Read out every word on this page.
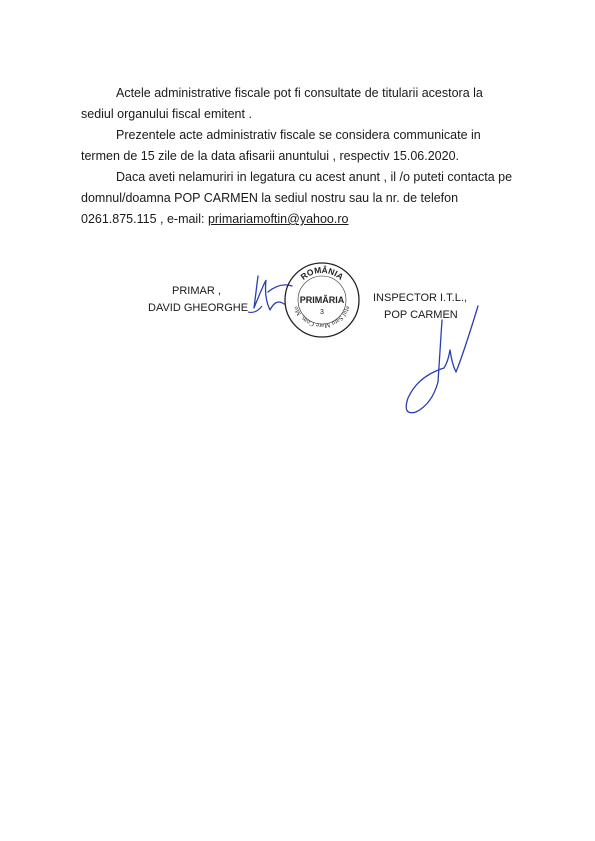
Actele administrative fiscale pot fi consultate de titularii acestora la
sediul organului fiscal emitent .
Prezentele acte administrativ fiscale se considera communicate in
termen de 15 zile de la data afisarii anuntului , respectiv 15.06.2020.
Daca aveti nelamuriri in legatura cu acest anunt , il /o puteti contacta pe
domnul/doamna POP CARMEN la sediul nostru sau la nr. de telefon
0261.875.115 , e-mail: primariamoftin@yahoo.ro
PRIMAR ,
DAVID GHEORGHE
ROMÂNIA
eţul Satu Mare Com. Mo
PRIMĂRIA
3
INSPECTOR I.T.L.,
POP CARMEN
